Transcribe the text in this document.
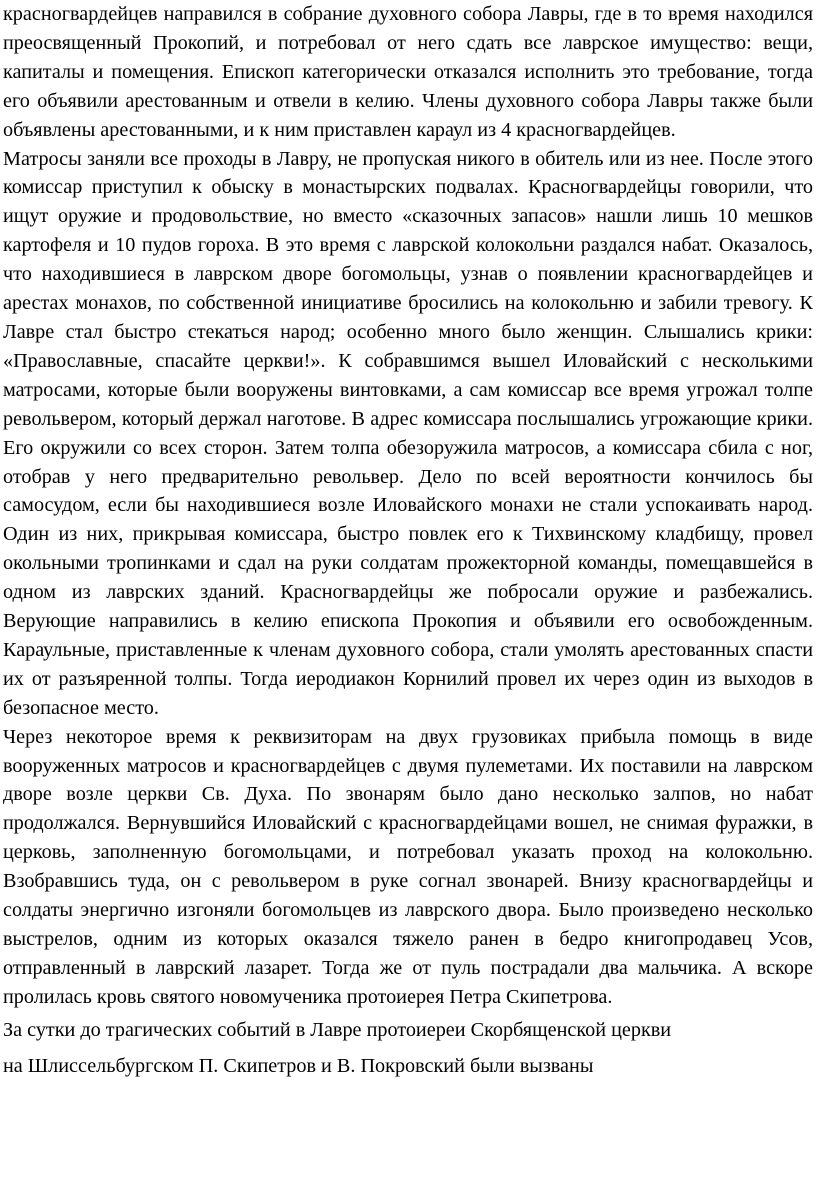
красногвардейцев направился в собрание духовного собора Лавры, где в то время находился преосвященный Прокопий, и потребовал от него сдать все лаврское имущество: вещи, капиталы и помещения. Епископ категорически отказался исполнить это требование, тогда его объявили арестованным и отвели в келию. Члены духовного собора Лавры также были объявлены арестованными, и к ним приставлен караул из 4 красногвардейцев.

Матросы заняли все проходы в Лавру, не пропуская никого в обитель или из нее. После этого комиссар приступил к обыску в монастырских подвалах. Красногвардейцы говорили, что ищут оружие и продовольствие, но вместо «сказочных запасов» нашли лишь 10 мешков картофеля и 10 пудов гороха. В это время с лаврской колокольни раздался набат. Оказалось, что находившиеся в лаврском дворе богомольцы, узнав о появлении красногвардейцев и арестах монахов, по собственной инициативе бросились на колокольню и забили тревогу. К Лавре стал быстро стекаться народ; особенно много было женщин. Слышались крики: «Православные, спасайте церкви!». К собравшимся вышел Иловайский с несколькими матросами, которые были вооружены винтовками, а сам комиссар все время угрожал толпе револьвером, который держал наготове. В адрес комиссара послышались угрожающие крики. Его окружили со всех сторон. Затем толпа обезоружила матросов, а комиссара сбила с ног, отобрав у него предварительно револьвер. Дело по всей вероятности кончилось бы самосудом, если бы находившиеся возле Иловайского монахи не стали успокаивать народ. Один из них, прикрывая комиссара, быстро повлек его к Тихвинскому кладбищу, провел окольными тропинками и сдал на руки солдатам прожекторной команды, помещавшейся в одном из лаврских зданий. Красногвардейцы же побросали оружие и разбежались. Верующие направились в келию епископа Прокопия и объявили его освобожденным. Караульные, приставленные к членам духовного собора, стали умолять арестованных спасти их от разъяренной толпы. Тогда иеродиакон Корнилий провел их через один из выходов в безопасное место.

Через некоторое время к реквизиторам на двух грузовиках прибыла помощь в виде вооруженных матросов и красногвардейцев с двумя пулеметами. Их поставили на лаврском дворе возле церкви Св. Духа. По звонарям было дано несколько залпов, но набат продолжался. Вернувшийся Иловайский с красногвардейцами вошел, не снимая фуражки, в церковь, заполненную богомольцами, и потребовал указать проход на колокольню. Взобравшись туда, он с револьвером в руке согнал звонарей. Внизу красногвардейцы и солдаты энергично изгоняли богомольцев из лаврского двора. Было произведено несколько выстрелов, одним из которых оказался тяжело ранен в бедро книгопродавец Усов, отправленный в лаврский лазарет. Тогда же от пуль пострадали два мальчика. А вскоре пролилась кровь святого новомученика протоиерея Петра Скипетрова.

За сутки до трагических событий в Лавре протоиереи Скорбященской церкви

на Шлиссельбургском П. Скипетров и В. Покровский были вызваны
